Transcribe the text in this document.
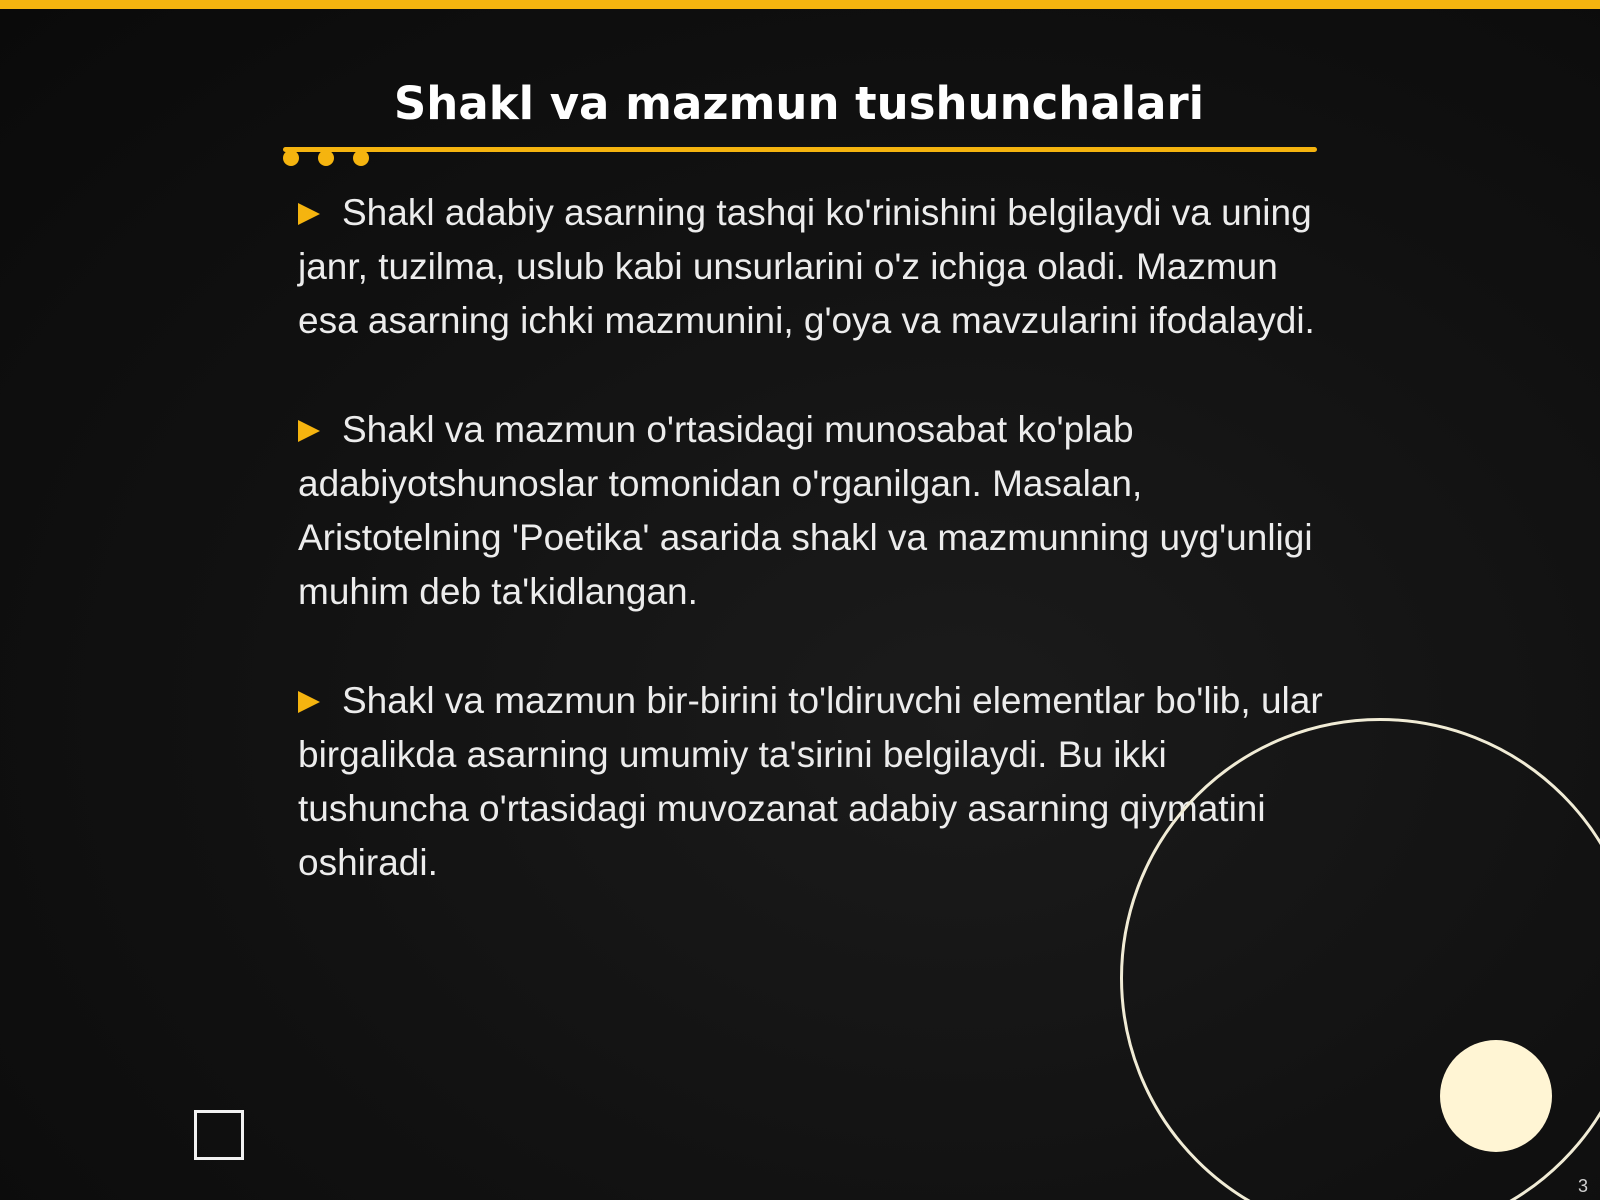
Shakl va mazmun tushunchalari
Shakl adabiy asarning tashqi ko'rinishini belgilaydi va uning janr, tuzilma, uslub kabi unsurlarini o'z ichiga oladi. Mazmun esa asarning ichki mazmunini, g'oya va mavzularini ifodalaydi.
Shakl va mazmun o'rtasidagi munosabat ko'plab adabiyotshunoslar tomonidan o'rganilgan. Masalan, Aristotelning 'Poetika' asarida shakl va mazmunning uyg'unligi muhim deb ta'kidlangan.
Shakl va mazmun bir-birini to'ldiruvchi elementlar bo'lib, ular birgalikda asarning umumiy ta'sirini belgilaydi. Bu ikki tushuncha o'rtasidagi muvozanat adabiy asarning qiymatini oshiradi.
3
